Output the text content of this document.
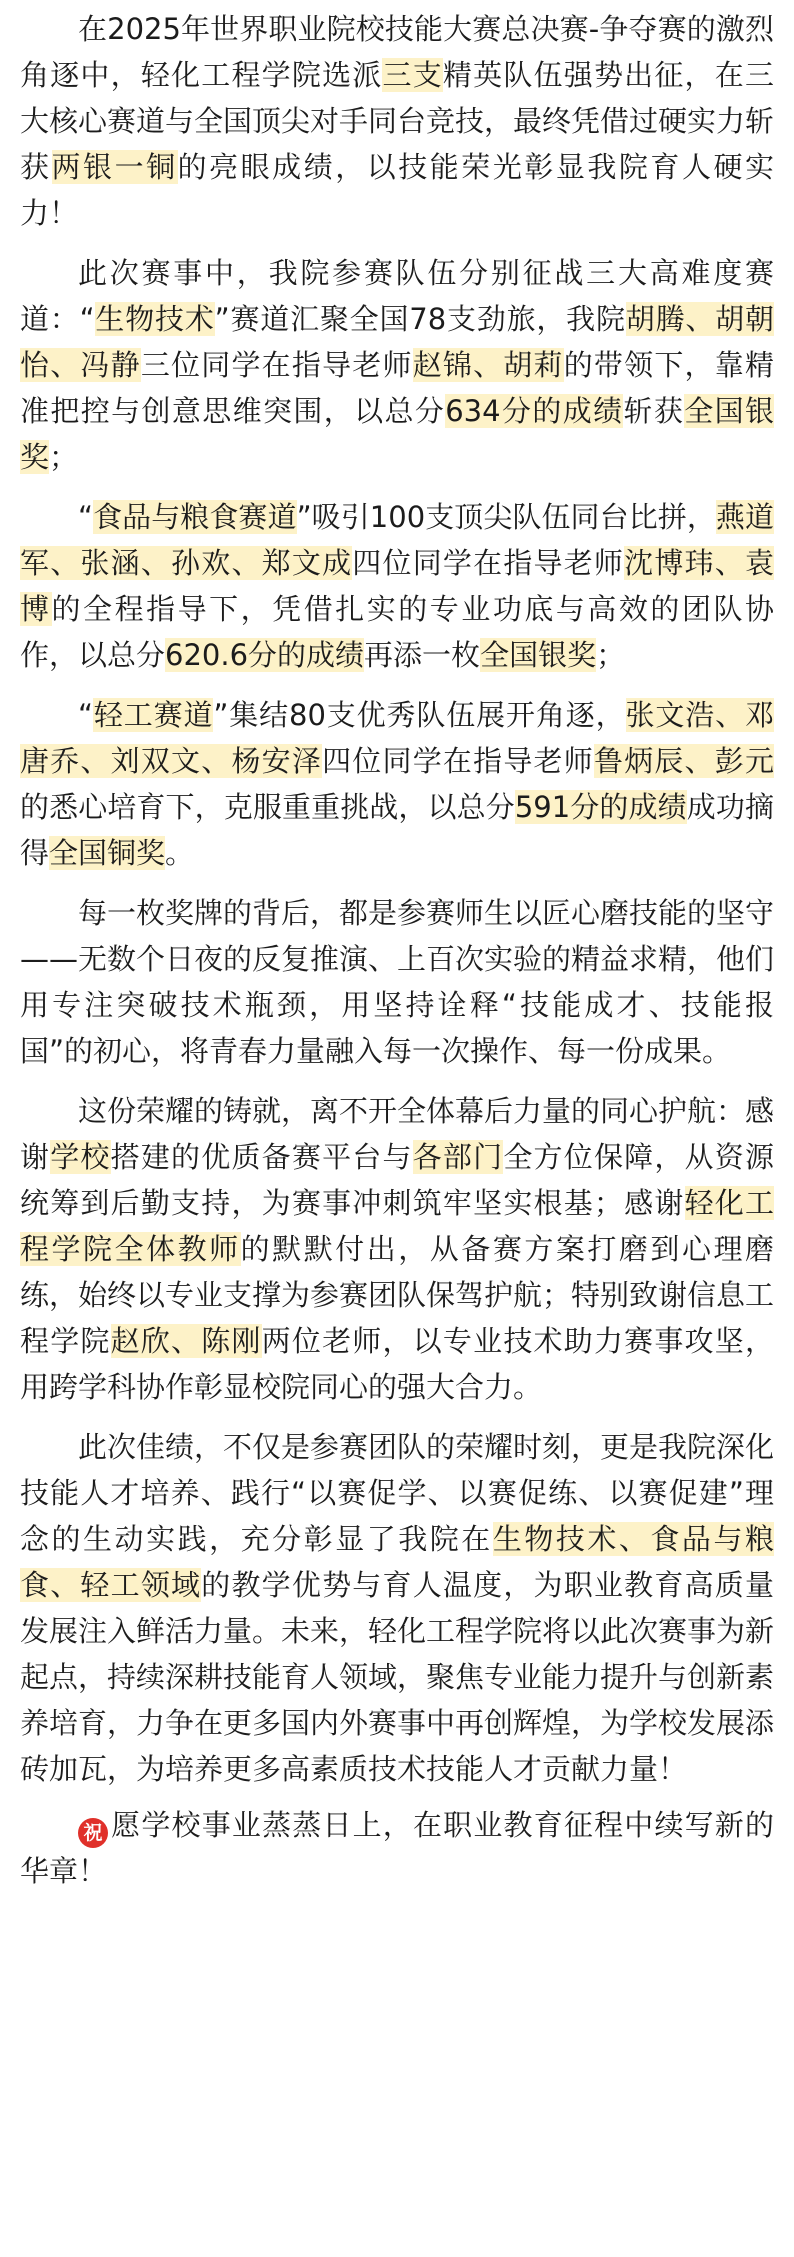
在2025年世界职业院校技能大赛总决赛-争夺赛的激烈角逐中，轻化工程学院选派三支精英队伍强势出征，在三大核心赛道与全国顶尖对手同台竞技，最终凭借过硬实力斩获两银一铜的亮眼成绩，以技能荣光彰显我院育人硬实力！

此次赛事中，我院参赛队伍分别征战三大高难度赛道：“生物技术”赛道汇聚全国78支劲旅，我院胡腾、胡朝怡、冯静三位同学在指导老师赵锦、胡莉的带领下，靠精准把控与创意思维突围，以总分634分的成绩斩获全国银奖；

“食品与粮食赛道”吸引100支顶尖队伍同台比拼，燕道军、张涵、孙欢、郑文成四位同学在指导老师沈博玮、袁博的全程指导下，凭借扎实的专业功底与高效的团队协作，以总分620.6分的成绩再添一枚全国银奖；

“轻工赛道”集结80支优秀队伍展开角逐，张文浩、邓唐乔、刘双文、杨安泽四位同学在指导老师鲁炳辰、彭元的悉心培育下，克服重重挑战，以总分591分的成绩成功摘得全国铜奖。

每一枚奖牌的背后，都是参赛师生以匠心磨技能的坚守——无数个日夜的反复推演、上百次实验的精益求精，他们用专注突破技术瓶颈，用坚持诠释“技能成才、技能报国”的初心，将青春力量融入每一次操作、每一份成果。

这份荣耀的铸就，离不开全体幕后力量的同心护航：感谢学校搭建的优质备赛平台与各部门全方位保障，从资源统筹到后勤支持，为赛事冲刺筑牢坚实根基；感谢轻化工程学院全体教师的默默付出，从备赛方案打磨到心理磨练，始终以专业支撑为参赛团队保驾护航；特别致谢信息工程学院赵欣、陈刚两位老师，以专业技术助力赛事攻坚，用跨学科协作彰显校院同心的强大合力。

此次佳绩，不仅是参赛团队的荣耀时刻，更是我院深化技能人才培养、践行“以赛促学、以赛促练、以赛促建”理念的生动实践，充分彰显了我院在生物技术、食品与粮食、轻工领域的教学优势与育人温度，为职业教育高质量发展注入鲜活力量。未来，轻化工程学院将以此次赛事为新起点，持续深耕技能育人领域，聚焦专业能力提升与创新素养培育，力争在更多国内外赛事中再创辉煌，为学校发展添砖加瓦，为培养更多高素质技术技能人才贡献力量！

祝 愿学校事业蒸蒸日上，在职业教育征程中续写新的华章！
